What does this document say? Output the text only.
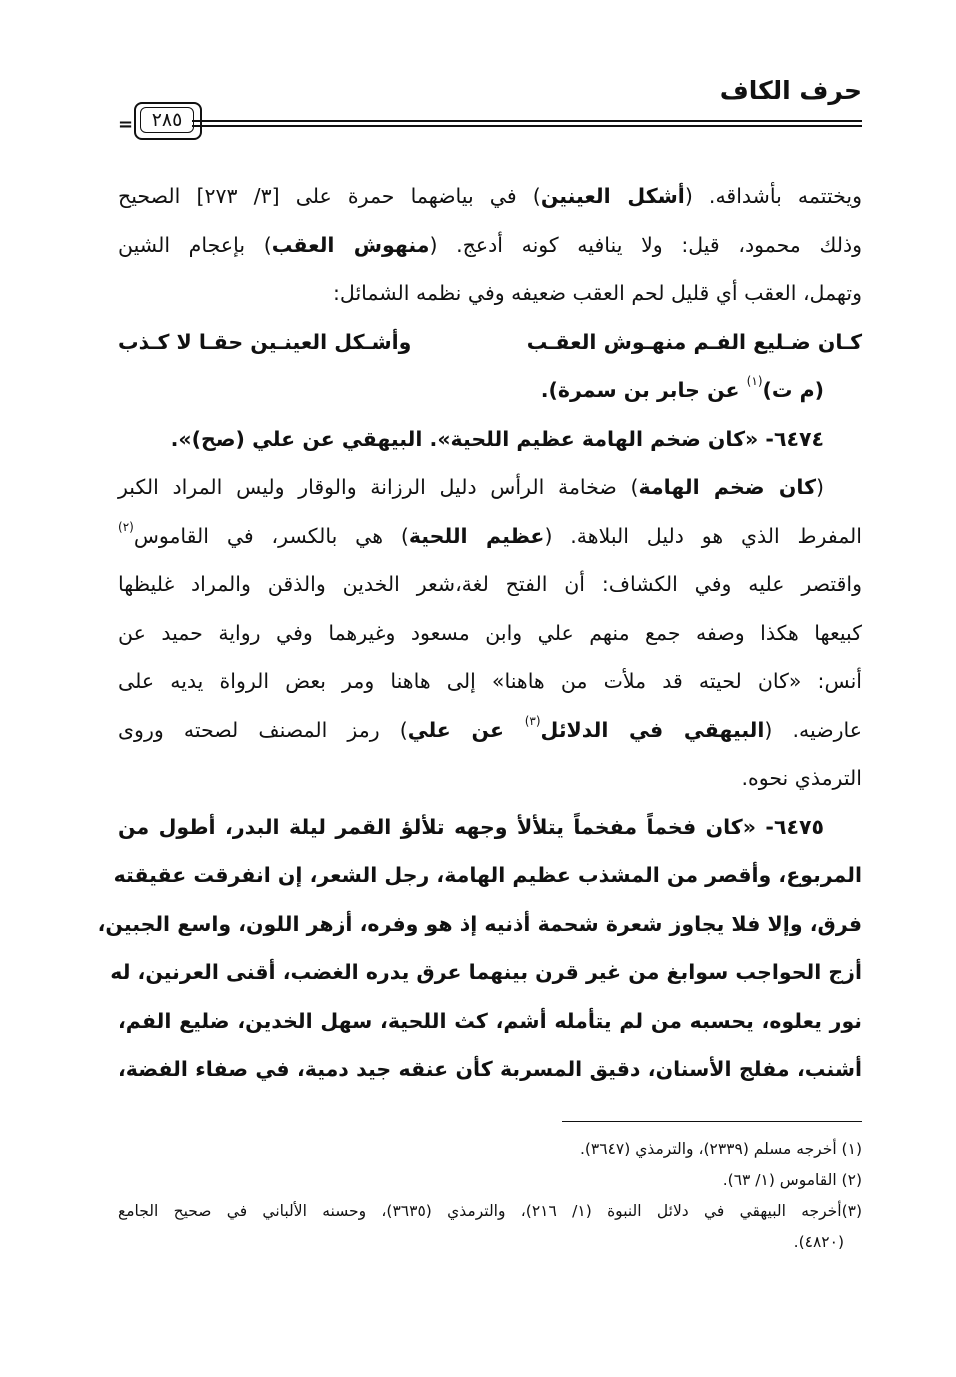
حرف الكاف
= ٢٨٥
ويختتمه بأشداقه. (أشكل العينين) في بياضهما حمرة على [٣/ ٢٧٣] الصحيح
وذلك محمود، قيل: ولا ينافيه كونه أدعج. (منهوش العقب) بإعجام الشين
وتهمل، العقب أي قليل لحم العقب ضعيفه وفي نظمه الشمائل:
كـان ضـليع الفـم منهـوش العقـب
وأشـكل العينـين حقـا لا كـذب
(م ت)$^{(١)}$ عن جابر بن سمرة).
٦٤٧٤- «كان ضخم الهامة عظيم اللحية». البيهقي عن علي (صح)».
(كان ضخم الهامة) ضخامة الرأس دليل الرزانة والوقار وليس المراد الكبر
المفرط الذي هو دليل البلاهة. (عظيم اللحية) هي بالكسر، في القاموس$^{(٢)}$
واقتصر عليه وفي الكشاف: أن الفتح لغة،شعر الخدين والذقن والمراد غليظها
كبيعها هكذا وصفه جمع منهم علي وابن مسعود وغيرهما وفي رواية حميد عن
أنس: «كان لحيته قد ملأت من هاهنا» إلى هاهنا ومر بعض الرواة يديه على
عارضيه. (البيهقي في الدلائل$^{(٣)}$ عن علي) رمز المصنف لصحته وروى
الترمذي نحوه.
٦٤٧٥- «كان فخماً مفخماً يتلألأ وجهه تلألؤ القمر ليلة البدر، أطول من
المربوع، وأقصر من المشذب عظيم الهامة، رجل الشعر، إن انفرقت عقيقته
فرق، وإلا فلا يجاوز شعرة شحمة أذنيه إذ هو وفره، أزهر اللون، واسع الجبين،
أزج الحواجب سوابغ من غير قرن بينهما عرق يدره الغضب، أقنى العرنين، له
نور يعلوه، يحسبه من لم يتأمله أشم، كث اللحية، سهل الخدين، ضليع الفم،
أشنب، مفلج الأسنان، دقيق المسربة كأن عنقه جيد دمية، في صفاء الفضة،
(١) أخرجه مسلم (٢٣٣٩)، والترمذي (٣٦٤٧).
(٢) القاموس (١/ ٦٣).
(٣)أخرجه البيهقي في دلائل النبوة (١/ ٢١٦)، والترمذي (٣٦٣٥)، وحسنه الألباني في صحيح الجامع
(٤٨٢٠).
